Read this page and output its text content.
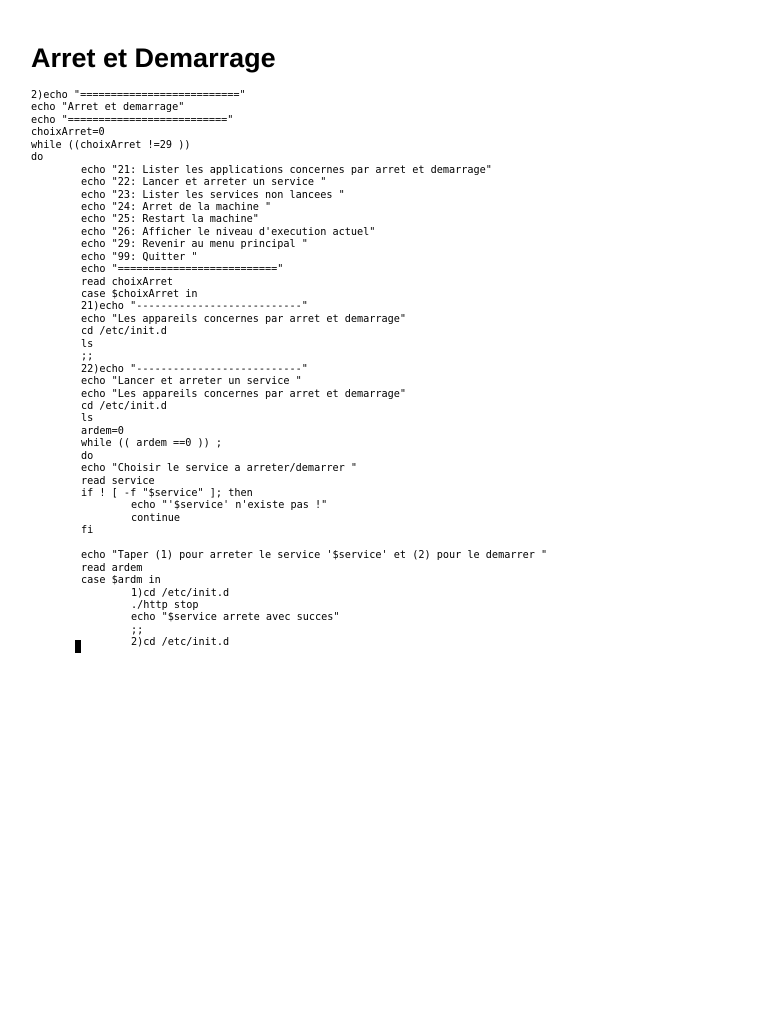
Arret et Demarrage
2)echo "=========================="
echo "Arret et demarrage"
echo "=========================="
choixArret=0
while ((choixArret !=29 ))
do
echo "21: Lister les applications concernes par arret et demarrage"
echo "22: Lancer et arreter un service "
echo "23: Lister les services non lancees "
echo "24: Arret de la machine "
echo "25: Restart la machine"
echo "26: Afficher le niveau d'execution actuel"
echo "29: Revenir au menu principal "
echo "99: Quitter "
echo "=========================="
read choixArret
case $choixArret in
21)echo "---------------------------"
echo "Les appareils concernes par arret et demarrage"
cd /etc/init.d
ls
;;
22)echo "---------------------------"
echo "Lancer et arreter un service "
echo "Les appareils concernes par arret et demarrage"
cd /etc/init.d
ls
ardem=0
while (( ardem ==0 )) ;
do
echo "Choisir le service a arreter/demarrer "
read service
if ! [ -f "$service" ]; then
echo "'$service' n'existe pas !"
continue
fi
echo "Taper (1) pour arreter le service '$service' et (2) pour le demarrer "
read ardem
case $ardm in
1)cd /etc/init.d
./http stop
echo "$service arrete avec succes"
;;
2)cd /etc/init.d
